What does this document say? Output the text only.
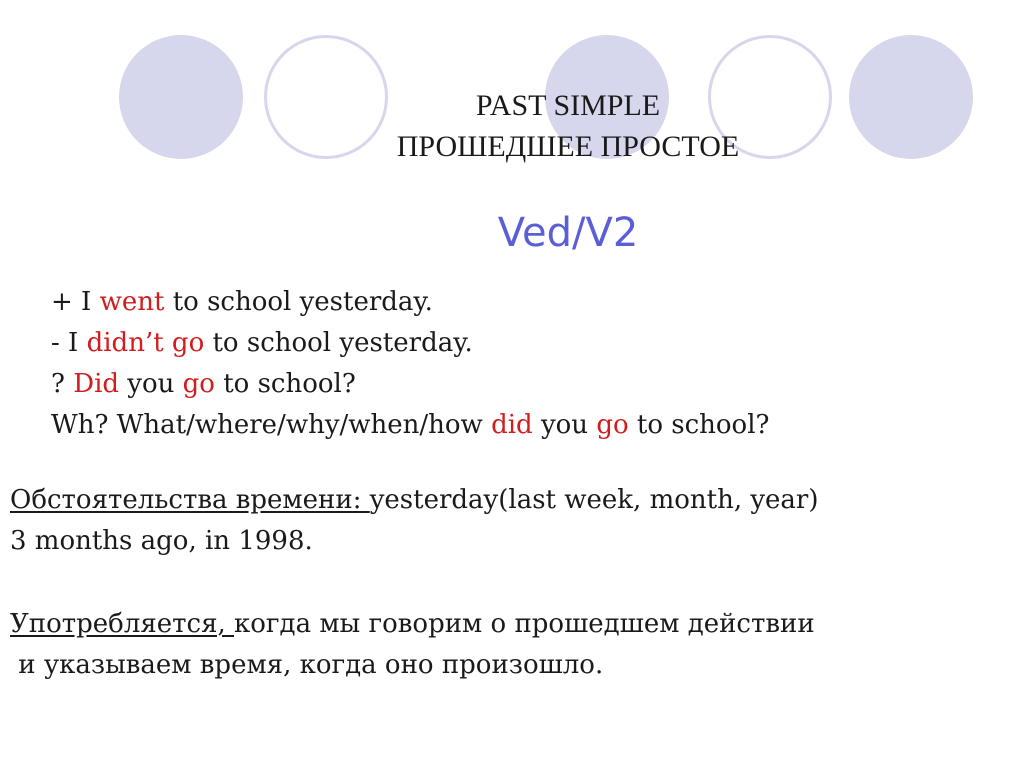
PAST SIMPLE
ПРОШЕДШЕЕ ПРОСТОЕ
Ved/V2
+ I went to school yesterday.
- I didn’t go to school yesterday.
? Did you go to school?
Wh? What/where/why/when/how did you go to school?
Обстоятельства времени: yesterday(last week, month, year)
3 months ago, in 1998.
Употребляется, когда мы говорим о прошедшем действии
и указываем время, когда оно произошло.
